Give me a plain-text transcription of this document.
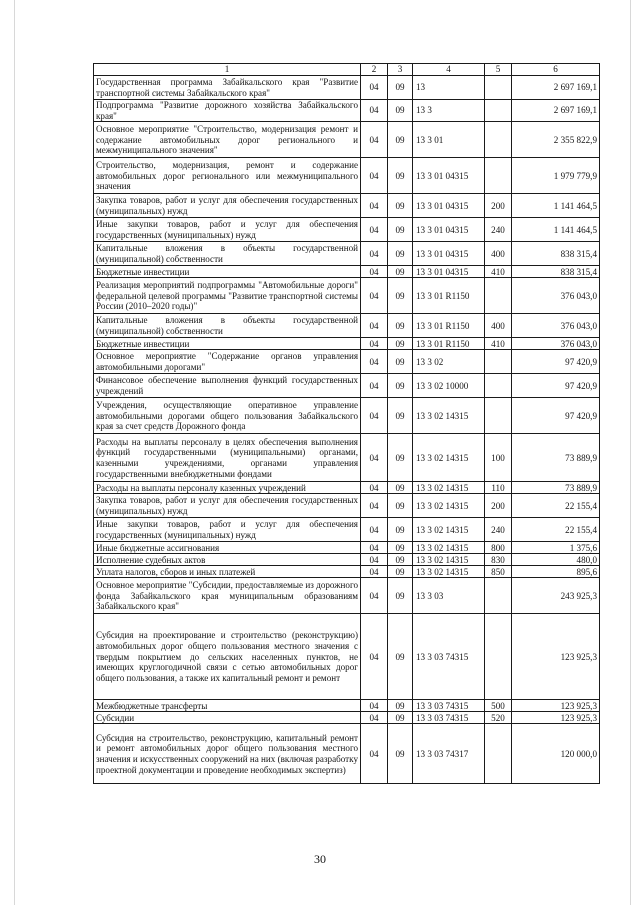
1	2	3	4	5	6
Государственная программа Забайкальского края "Развитие транспортной системы Забайкальского края"	04	09	13		2 697 169,1
Подпрограмма "Развитие дорожного хозяйства Забайкальского края"	04	09	13 3		2 697 169,1
Основное мероприятие "Строительство, модернизация ремонт и содержание автомобильных дорог регионального и межмуниципального значения"	04	09	13 3 01		2 355 822,9
Строительство, модернизация, ремонт и содержание автомобильных дорог регионального или межмуниципального значения	04	09	13 3 01 04315		1 979 779,9
Закупка товаров, работ и услуг для обеспечения государственных (муниципальных) нужд	04	09	13 3 01 04315	200	1 141 464,5
Иные закупки товаров, работ и услуг для обеспечения государственных (муниципальных) нужд	04	09	13 3 01 04315	240	1 141 464,5
Капитальные вложения в объекты государственной (муниципальной) собственности	04	09	13 3 01 04315	400	838 315,4
Бюджетные инвестиции	04	09	13 3 01 04315	410	838 315,4
Реализация мероприятий подпрограммы "Автомобильные дороги" федеральной целевой программы "Развитие транспортной системы России (2010–2020 годы)"	04	09	13 3 01 R1150		376 043,0
Капитальные вложения в объекты государственной (муниципальной) собственности	04	09	13 3 01 R1150	400	376 043,0
Бюджетные инвестиции	04	09	13 3 01 R1150	410	376 043,0
Основное мероприятие "Содержание органов управления автомобильными дорогами"	04	09	13 3 02		97 420,9
Финансовое обеспечение выполнения функций государственных учреждений	04	09	13 3 02 10000		97 420,9
Учреждения, осуществляющие оперативное управление автомобильными дорогами общего пользования Забайкальского края за счет средств Дорожного фонда	04	09	13 3 02 14315		97 420,9
Расходы на выплаты персоналу в целях обеспечения выполнения функций государственными (муниципальными) органами, казенными учреждениями, органами управления государственными внебюджетными фондами	04	09	13 3 02 14315	100	73 889,9
Расходы на выплаты персоналу казенных учреждений	04	09	13 3 02 14315	110	73 889,9
Закупка товаров, работ и услуг для обеспечения государственных (муниципальных) нужд	04	09	13 3 02 14315	200	22 155,4
Иные закупки товаров, работ и услуг для обеспечения государственных (муниципальных) нужд	04	09	13 3 02 14315	240	22 155,4
Иные бюджетные ассигнования	04	09	13 3 02 14315	800	1 375,6
Исполнение судебных актов	04	09	13 3 02 14315	830	480,0
Уплата налогов, сборов и иных платежей	04	09	13 3 02 14315	850	895,6
Основное мероприятие "Субсидии, предоставляемые из дорожного фонда Забайкальского края муниципальным образованиям Забайкальского края"	04	09	13 3 03		243 925,3
Субсидия на проектирование и строительство (реконструкцию) автомобильных дорог общего пользования местного значения с твердым покрытием до сельских населенных пунктов, не имеющих круглогодичной связи с сетью автомобильных дорог общего пользования, а также их капитальный ремонт и ремонт	04	09	13 3 03 74315		123 925,3
Межбюджетные трансферты	04	09	13 3 03 74315	500	123 925,3
Субсидии	04	09	13 3 03 74315	520	123 925,3
Субсидия на строительство, реконструкцию, капитальный ремонт и ремонт автомобильных дорог общего пользования местного значения и искусственных сооружений на них (включая разработку проектной документации и проведение необходимых экспертиз)	04	09	13 3 03 74317		120 000,0
30
